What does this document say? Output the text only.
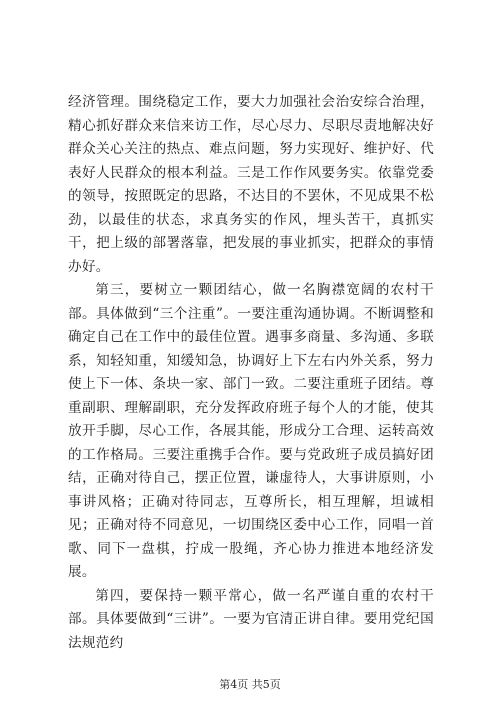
经济管理。围绕稳定工作，要大力加强社会治安综合治理，精心抓好群众来信来访工作，尽心尽力、尽职尽责地解决好群众关心关注的热点、难点问题，努力实现好、维护好、代表好人民群众的根本利益。三是工作作风要务实。依靠党委的领导，按照既定的思路，不达目的不罢休，不见成果不松劲，以最佳的状态，求真务实的作风，埋头苦干，真抓实干，把上级的部署落靠，把发展的事业抓实，把群众的事情办好。

第三，要树立一颗团结心，做一名胸襟宽阔的农村干部。具体做到“三个注重”。一要注重沟通协调。不断调整和确定自己在工作中的最佳位置。遇事多商量、多沟通、多联系，知轻知重，知缓知急，协调好上下左右内外关系，努力使上下一体、条块一家、部门一致。二要注重班子团结。尊重副职、理解副职，充分发挥政府班子每个人的才能，使其放开手脚，尽心工作，各展其能，形成分工合理、运转高效的工作格局。三要注重携手合作。要与党政班子成员搞好团结，正确对待自己，摆正位置，谦虚待人，大事讲原则，小事讲风格；正确对待同志，互尊所长，相互理解，坦诚相见；正确对待不同意见，一切围绕区委中心工作，同唱一首歌、同下一盘棋，拧成一股绳，齐心协力推进本地经济发展。

第四，要保持一颗平常心，做一名严谨自重的农村干部。具体要做到“三讲”。一要为官清正讲自律。要用党纪国法规范约

第4页 共5页
